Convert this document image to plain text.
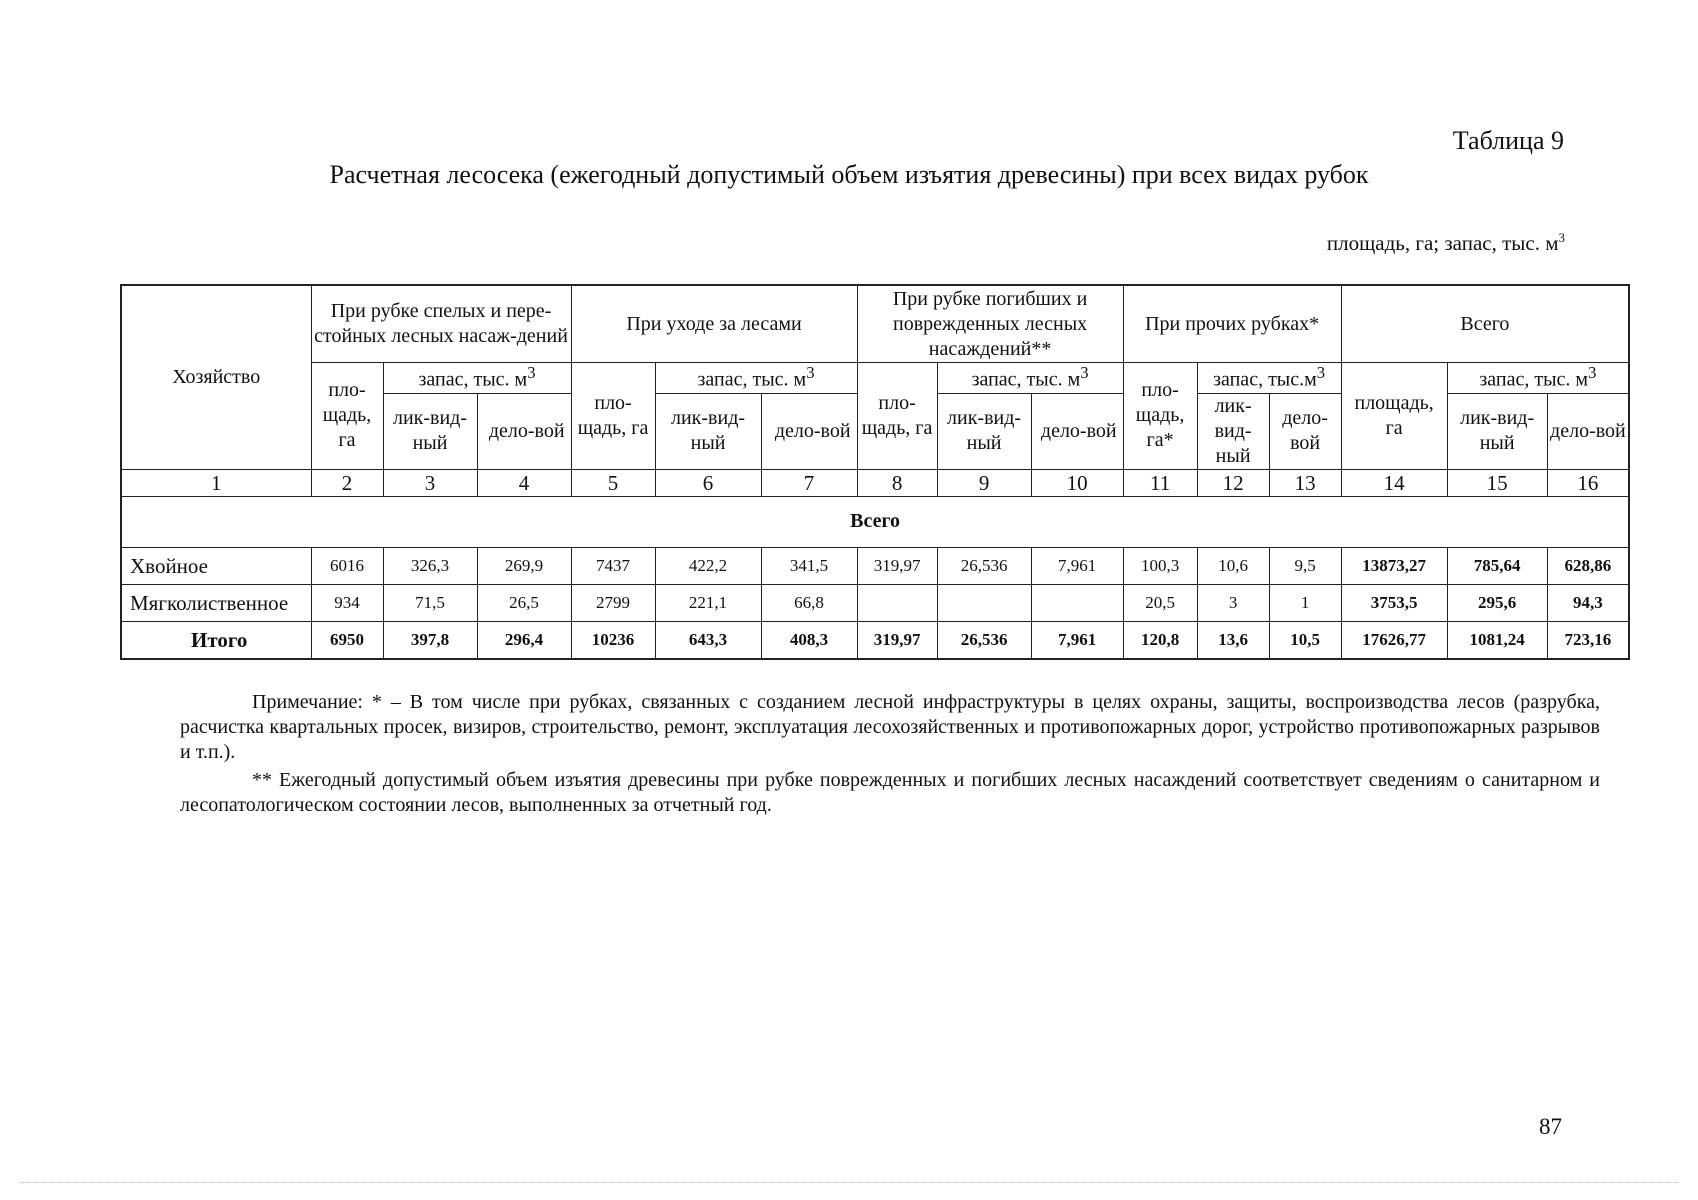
Таблица 9
Расчетная лесосека (ежегодный допустимый объем изъятия древесины) при всех видах рубок
площадь, га; запас, тыс. $м^3$
Хозяйство	При рубке спелых и пере-стойных лесных насаж-дений			При уходе за лесами			При рубке погибших и поврежденных лесных насаждений**			При прочих рубках*			Всего		
	пло-щадь, га	запас, тыс. $м^3$		пло-щадь, га	запас, тыс. $м^3$		пло-щадь, га	запас, тыс. $м^3$		пло-щадь, га*	запас, $тыс.м^3$		площадь, га	запас, тыс. $м^3$
		лик-вид-ный	дело-вой		лик-вид-ный	дело-вой		лик-вид-ный	дело-вой		лик-вид-ный	дело-вой		лик-вид-ный	дело-вой
1	2	3	4	5	6	7	8	9	10	11	12	13	14	15	16
Всего															
Хвойное	6016	326,3	269,9	7437	422,2	341,5	319,97	26,536	7,961	100,3	10,6	9,5	13873,27	785,64	628,86
Мягколиственное	934	71,5	26,5	2799	221,1	66,8				20,5	3	1	3753,5	295,6	94,3
Итого	6950	397,8	296,4	10236	643,3	408,3	319,97	26,536	7,961	120,8	13,6	10,5	17626,77	1081,24	723,16

Примечание: * – В том числе при рубках, связанных с созданием лесной инфраструктуры в целях охраны, защиты, воспроизводства лесов (разрубка, расчистка квартальных просек, визиров, строительство, ремонт, эксплуатация лесохозяйственных и противопожарных дорог, устройство противопожарных разрывов и т.п.).

** Ежегодный допустимый объем изъятия древесины при рубке поврежденных и погибших лесных насаждений соответствует сведениям о санитарном и лесопатологическом состоянии лесов, выполненных за отчетный год.

87
